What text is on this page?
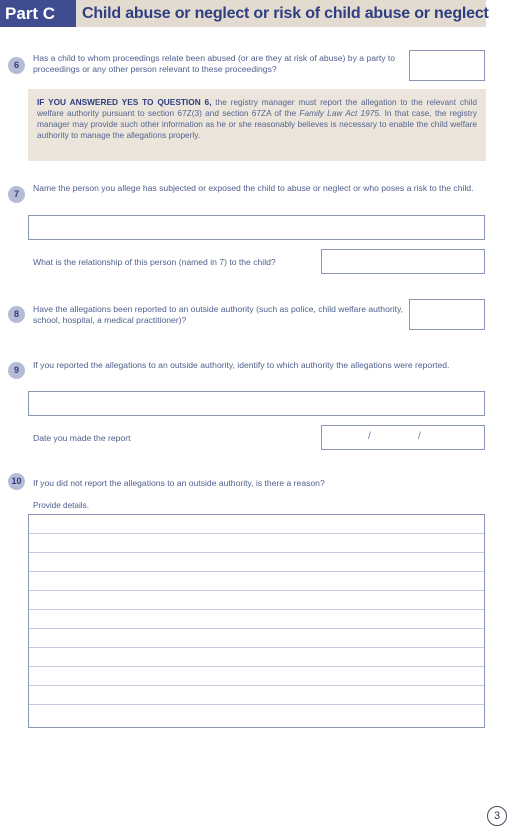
Part C	Child abuse or neglect or risk of child abuse or neglect
6
Has a child to whom proceedings relate been abused (or are they at risk of abuse) by a party to proceedings or any other person relevant to these proceedings?
IF YOU ANSWERED YES TO QUESTION 6, the registry manager must report the allegation to the relevant child welfare authority pursuant to section 67Z(3) and section 67ZA of the Family Law Act 1975. In that case, the registry manager may provide such other information as he or she reasonably believes is necessary to enable the child welfare authority to manage the allegations properly.
7
Name the person you allege has subjected or exposed the child to abuse or neglect or who poses a risk to the child.
What is the relationship of this person (named in 7) to the child?
8	Have the allegations been reported to an outside authority (such as police, child welfare authority, school, hospital, a medical practitioner)?
9	If you reported the allegations to an outside authority, identify to which authority the allegations were reported.
Date you made the report	/	/
10	If you did not report the allegations to an outside authority, is there a reason?
Provide details.
3
